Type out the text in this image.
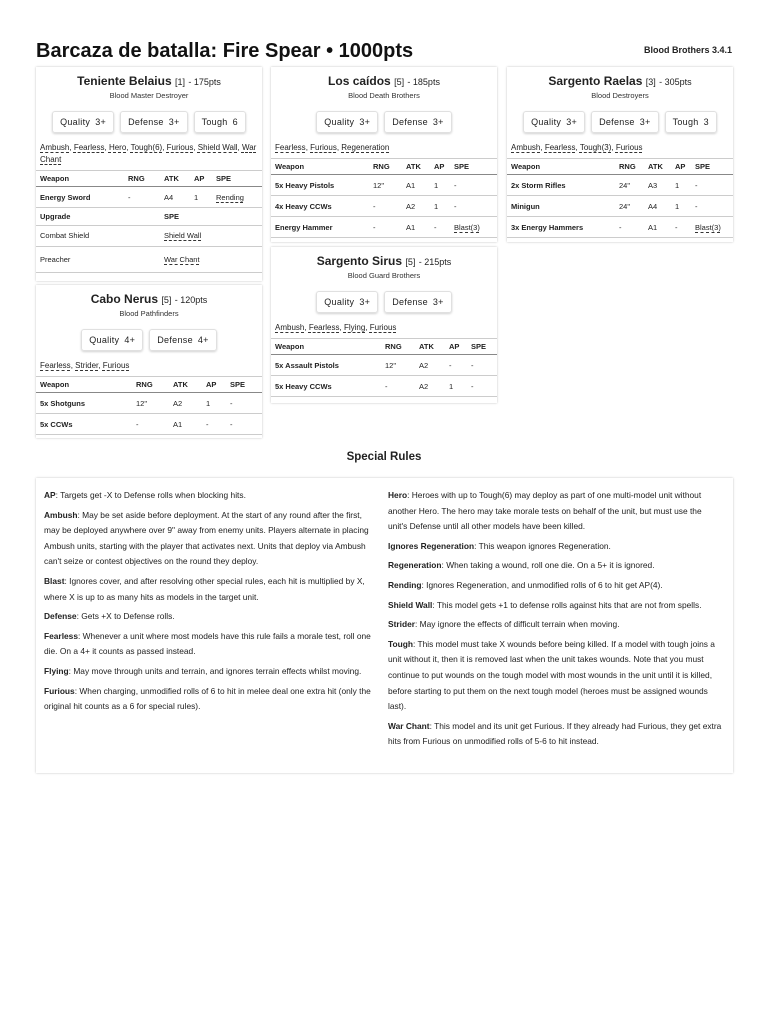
Barcaza de batalla: Fire Spear • 1000pts	Blood Brothers 3.4.1
Teniente Belaius [1] - 175pts
Blood Master Destroyer
Quality 3+ Defense 3+ Tough 6
Ambush, Fearless, Hero, Tough(6), Furious, Shield Wall, War Chant
Weapon	RNG	ATK	AP	SPE
Energy Sword	-	A4	1	Rending
Upgrade	SPE
Combat Shield	Shield Wall
Preacher	War Chant
Los caídos [5] - 185pts
Blood Death Brothers
Quality 3+ Defense 3+
Fearless, Furious, Regeneration
Weapon	RNG	ATK	AP	SPE
5x Heavy Pistols	12"	A1	1	-
4x Heavy CCWs	-	A2	1	-
Energy Hammer	-	A1	-	Blast(3)
Sargento Raelas [3] - 305pts
Blood Destroyers
Quality 3+ Defense 3+ Tough 3
Ambush, Fearless, Tough(3), Furious
Weapon	RNG	ATK	AP	SPE
2x Storm Rifles	24"	A3	1	-
Minigun	24"	A4	1	-
3x Energy Hammers	-	A1	-	Blast(3)
Cabo Nerus [5] - 120pts
Blood Pathfinders
Quality 4+ Defense 4+
Fearless, Strider, Furious
Weapon	RNG	ATK	AP	SPE
5x Shotguns	12"	A2	1	-
5x CCWs	-	A1	-	-
Sargento Sirus [5] - 215pts
Blood Guard Brothers
Quality 3+ Defense 3+
Ambush, Fearless, Flying, Furious
Weapon	RNG	ATK	AP	SPE
5x Assault Pistols	12"	A2	-	-
5x Heavy CCWs	-	A2	1	-
Special Rules

AP: Targets get -X to Defense rolls when blocking hits.

Ambush: May be set aside before deployment. At the start of any round after the first, may be deployed anywhere over 9" away from enemy units. Players alternate in placing Ambush units, starting with the player that activates next. Units that deploy via Ambush can't seize or contest objectives on the round they deploy.

Blast: Ignores cover, and after resolving other special rules, each hit is multiplied by X, where X is up to as many hits as models in the target unit.

Defense: Gets +X to Defense rolls.

Fearless: Whenever a unit where most models have this rule fails a morale test, roll one die. On a 4+ it counts as passed instead.

Flying: May move through units and terrain, and ignores terrain effects whilst moving.

Furious: When charging, unmodified rolls of 6 to hit in melee deal one extra hit (only the original hit counts as a 6 for special rules).

Hero: Heroes with up to Tough(6) may deploy as part of one multi-model unit without another Hero. The hero may take morale tests on behalf of the unit, but must use the unit's Defense until all other models have been killed.

Ignores Regeneration: This weapon ignores Regeneration.

Regeneration: When taking a wound, roll one die. On a 5+ it is ignored.

Rending: Ignores Regeneration, and unmodified rolls of 6 to hit get AP(4).

Shield Wall: This model gets +1 to defense rolls against hits that are not from spells.

Strider: May ignore the effects of difficult terrain when moving.

Tough: This model must take X wounds before being killed. If a model with tough joins a unit without it, then it is removed last when the unit takes wounds. Note that you must continue to put wounds on the tough model with most wounds in the unit until it is killed, before starting to put them on the next tough model (heroes must be assigned wounds last).

War Chant: This model and its unit get Furious. If they already had Furious, they get extra hits from Furious on unmodified rolls of 5-6 to hit instead.
